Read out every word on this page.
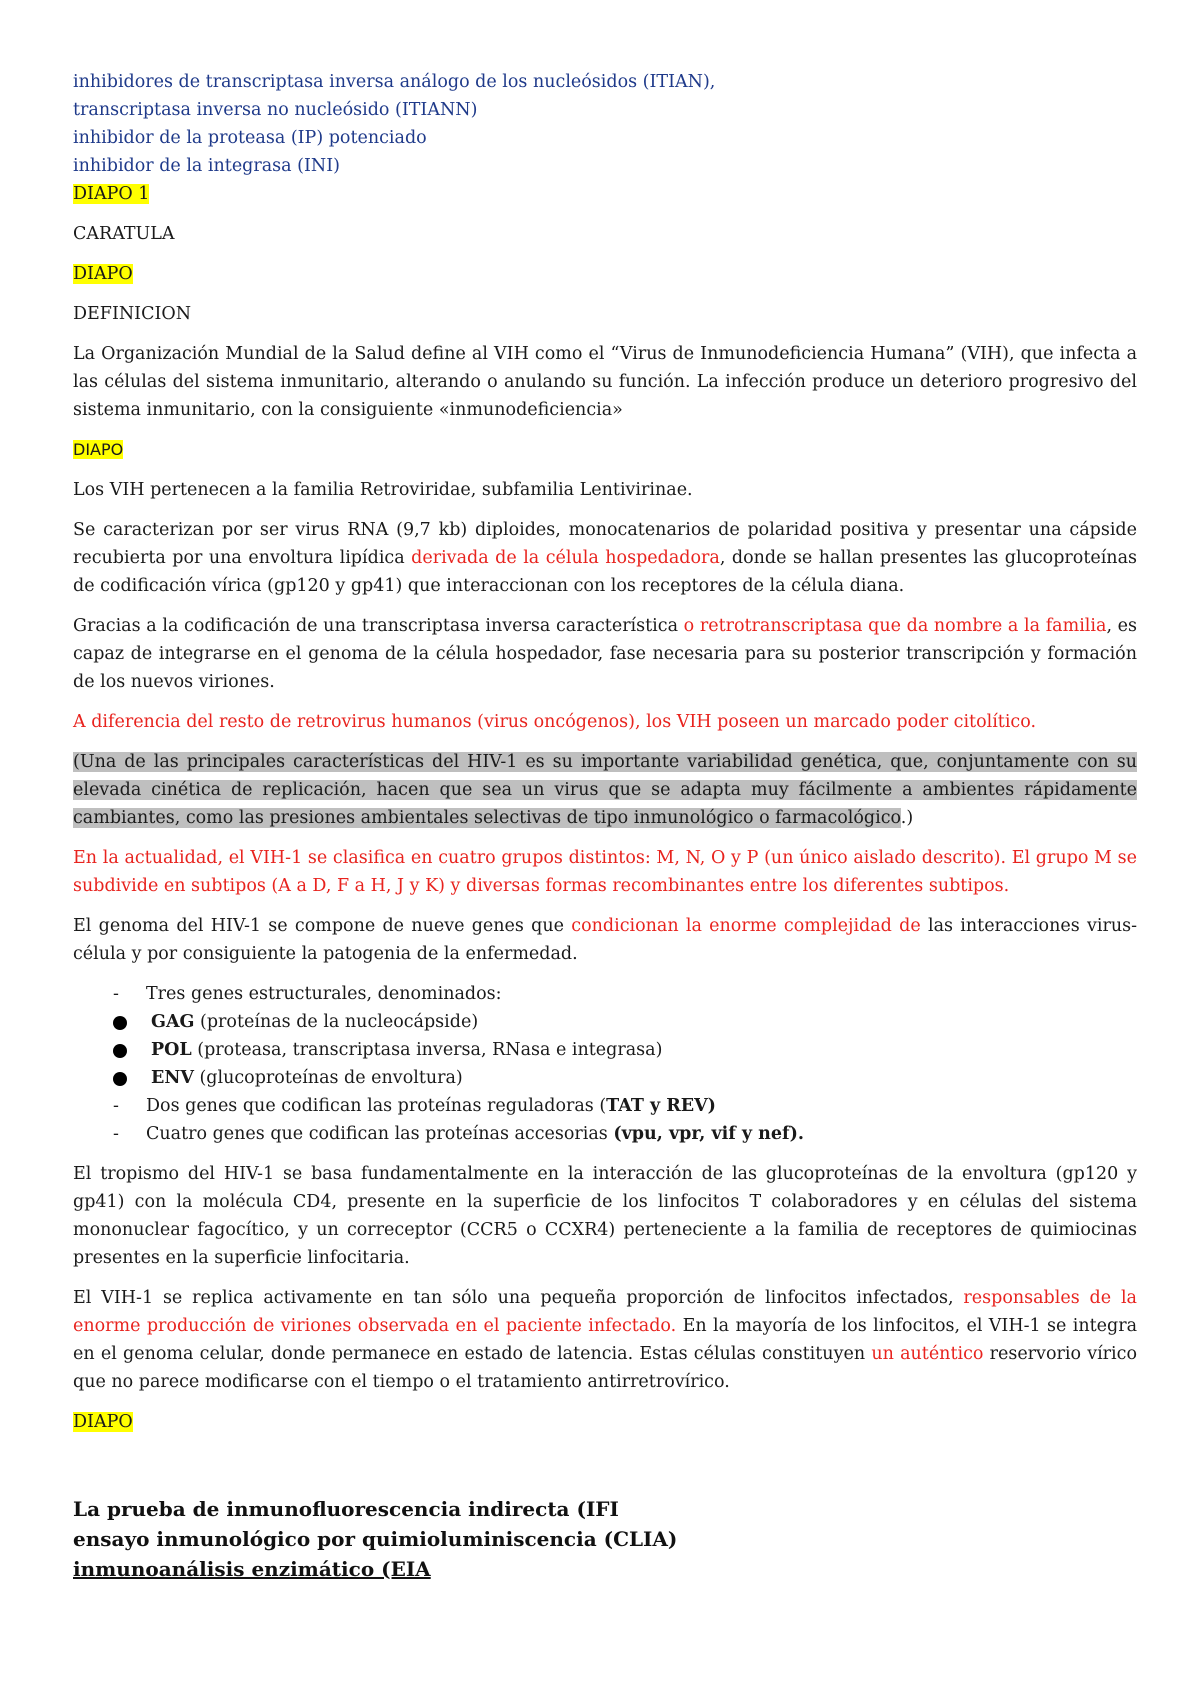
inhibidores de transcriptasa inversa análogo de los nucleósidos (ITIAN),
transcriptasa inversa no nucleósido (ITIANN)
inhibidor de la proteasa (IP) potenciado
inhibidor de la integrasa (INI)
DIAPO 1
CARATULA
DIAPO
DEFINICION

La Organización Mundial de la Salud define al VIH como el “Virus de Inmunodeficiencia Humana” (VIH), que infecta a las células del sistema inmunitario, alterando o anulando su función. La infección produce un deterioro progresivo del sistema inmunitario, con la consiguiente «inmunodeficiencia»

DIAPO

Los VIH pertenecen a la familia Retroviridae, subfamilia Lentivirinae.

Se caracterizan por ser virus RNA (9,7 kb) diploides, monocatenarios de polaridad positiva y presentar una cápside recubierta por una envoltura lipídica derivada de la célula hospedadora, donde se hallan presentes las glucoproteínas de codificación vírica (gp120 y gp41) que interaccionan con los receptores de la célula diana.

Gracias a la codificación de una transcriptasa inversa característica o retrotranscriptasa que da nombre a la familia, es capaz de integrarse en el genoma de la célula hospedador, fase necesaria para su posterior transcripción y formación de los nuevos viriones.

A diferencia del resto de retrovirus humanos (virus oncógenos), los VIH poseen un marcado poder citolítico.

(Una de las principales características del HIV-1 es su importante variabilidad genética, que, conjuntamente con su elevada cinética de replicación, hacen que sea un virus que se adapta muy fácilmente a ambientes rápidamente cambiantes, como las presiones ambientales selectivas de tipo inmunológico o farmacológico.)

En la actualidad, el VIH-1 se clasifica en cuatro grupos distintos: M, N, O y P (un único aislado descrito). El grupo M se subdivide en subtipos (A a D, F a H, J y K) y diversas formas recombinantes entre los diferentes subtipos.

El genoma del HIV-1 se compone de nueve genes que condicionan la enorme complejidad de las interacciones virus-célula y por consiguiente la patogenia de la enfermedad.

- Tres genes estructurales, denominados:
GAG (proteínas de la nucleocápside)
POL (proteasa, transcriptasa inversa, RNasa e integrasa)
ENV (glucoproteínas de envoltura)
- Dos genes que codifican las proteínas reguladoras (TAT y REV)
- Cuatro genes que codifican las proteínas accesorias (vpu, vpr, vif y nef).

El tropismo del HIV-1 se basa fundamentalmente en la interacción de las glucoproteínas de la envoltura (gp120 y gp41) con la molécula CD4, presente en la superficie de los linfocitos T colaboradores y en células del sistema mononuclear fagocítico, y un correceptor (CCR5 o CCXR4) perteneciente a la familia de receptores de quimiocinas presentes en la superficie linfocitaria.

El VIH-1 se replica activamente en tan sólo una pequeña proporción de linfocitos infectados, responsables de la enorme producción de viriones observada en el paciente infectado. En la mayoría de los linfocitos, el VIH-1 se integra en el genoma celular, donde permanece en estado de latencia. Estas células constituyen un auténtico reservorio vírico que no parece modificarse con el tiempo o el tratamiento antirretrovírico.

DIAPO
La prueba de inmunofluorescencia indirecta (IFI
ensayo inmunológico por quimioluminiscencia (CLIA)
inmunoanálisis enzimático (EIA
